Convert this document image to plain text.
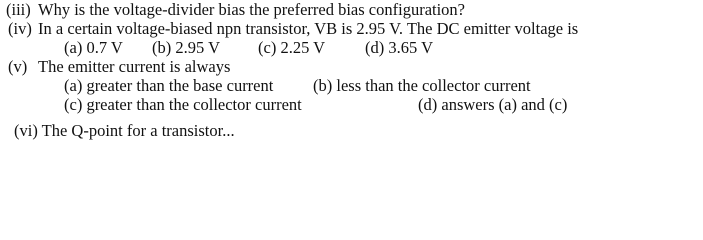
(iii) Why is the voltage-divider bias the preferred bias configuration?
(iv) In a certain voltage-biased npn transistor, VB is 2.95 V. The DC emitter voltage is
(a) 0.7 V (b) 2.95 V (c) 2.25 V (d) 3.65 V
(v) The emitter current is always
(a) greater than the base current (b) less than the collector current
(c) greater than the collector current	(d) answers (a) and (c)
(vi) The Q-point for a transistor...
